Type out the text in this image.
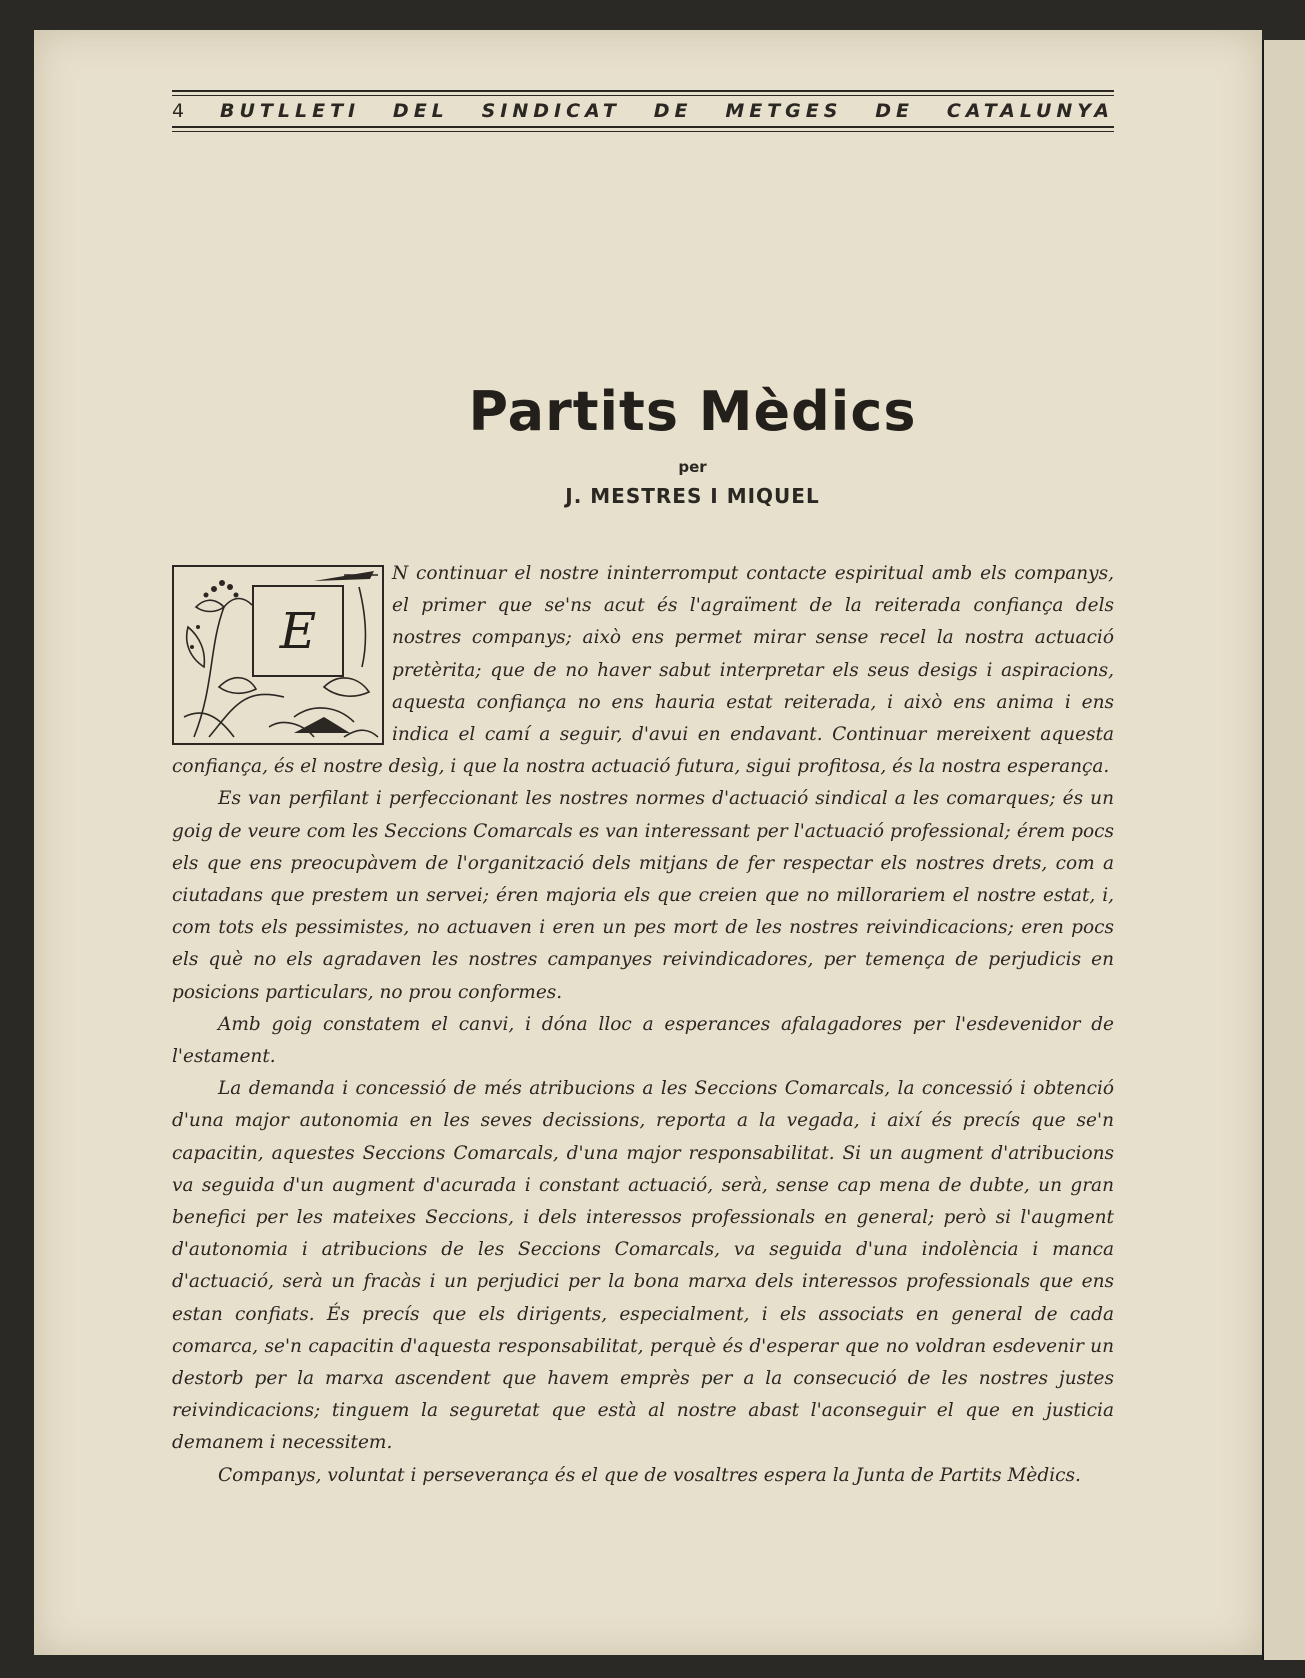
4	BUTLLETI DEL SINDICAT DE METGES DE CATALUNYA
Partits Mèdics
per
J. MESTRES I MIQUEL
E

N continuar el nostre ininterromput contacte espiritual amb els companys, el primer que se'ns acut és l'agraïment de la reiterada confiança dels nostres companys; això ens permet mirar sense recel la nostra actuació pretèrita; que de no haver sabut interpretar els seus desigs i aspiracions, aquesta confiança no ens hauria estat reiterada, i això ens anima i ens indica el camí a seguir, d'avui en endavant. Continuar mereixent aquesta confiança, és el nostre desìg, i que la nostra actuació futura, sigui profitosa, és la nostra esperança.

Es van perfilant i perfeccionant les nostres normes d'actuació sindical a les comarques; és un goig de veure com les Seccions Comarcals es van interessant per l'actuació professional; érem pocs els que ens preocupàvem de l'organització dels mitjans de fer respectar els nostres drets, com a ciutadans que prestem un servei; éren majoria els que creien que no millorariem el nostre estat, i, com tots els pessimistes, no actuaven i eren un pes mort de les nostres reivindicacions; eren pocs els què no els agradaven les nostres campanyes reivindicadores, per temença de perjudicis en posicions particulars, no prou conformes.

Amb goig constatem el canvi, i dóna lloc a esperances afalagadores per l'esdevenidor de l'estament.

La demanda i concessió de més atribucions a les Seccions Comarcals, la concessió i obtenció d'una major autonomia en les seves decissions, reporta a la vegada, i així és precís que se'n capacitin, aquestes Seccions Comarcals, d'una major responsabilitat. Si un augment d'atribucions va seguida d'un augment d'acurada i constant actuació, serà, sense cap mena de dubte, un gran benefici per les mateixes Seccions, i dels interessos professionals en general; però si l'augment d'autonomia i atribucions de les Seccions Comarcals, va seguida d'una indolència i manca d'actuació, serà un fracàs i un perjudici per la bona marxa dels interessos professionals que ens estan confiats. És precís que els dirigents, especialment, i els associats en general de cada comarca, se'n capacitin d'aquesta responsabilitat, perquè és d'esperar que no voldran esdevenir un destorb per la marxa ascendent que havem emprès per a la consecució de les nostres justes reivindicacions; tinguem la seguretat que està al nostre abast l'aconseguir el que en justicia demanem i necessitem.

Companys, voluntat i perseverança és el que de vosaltres espera la Junta de Partits Mèdics.
